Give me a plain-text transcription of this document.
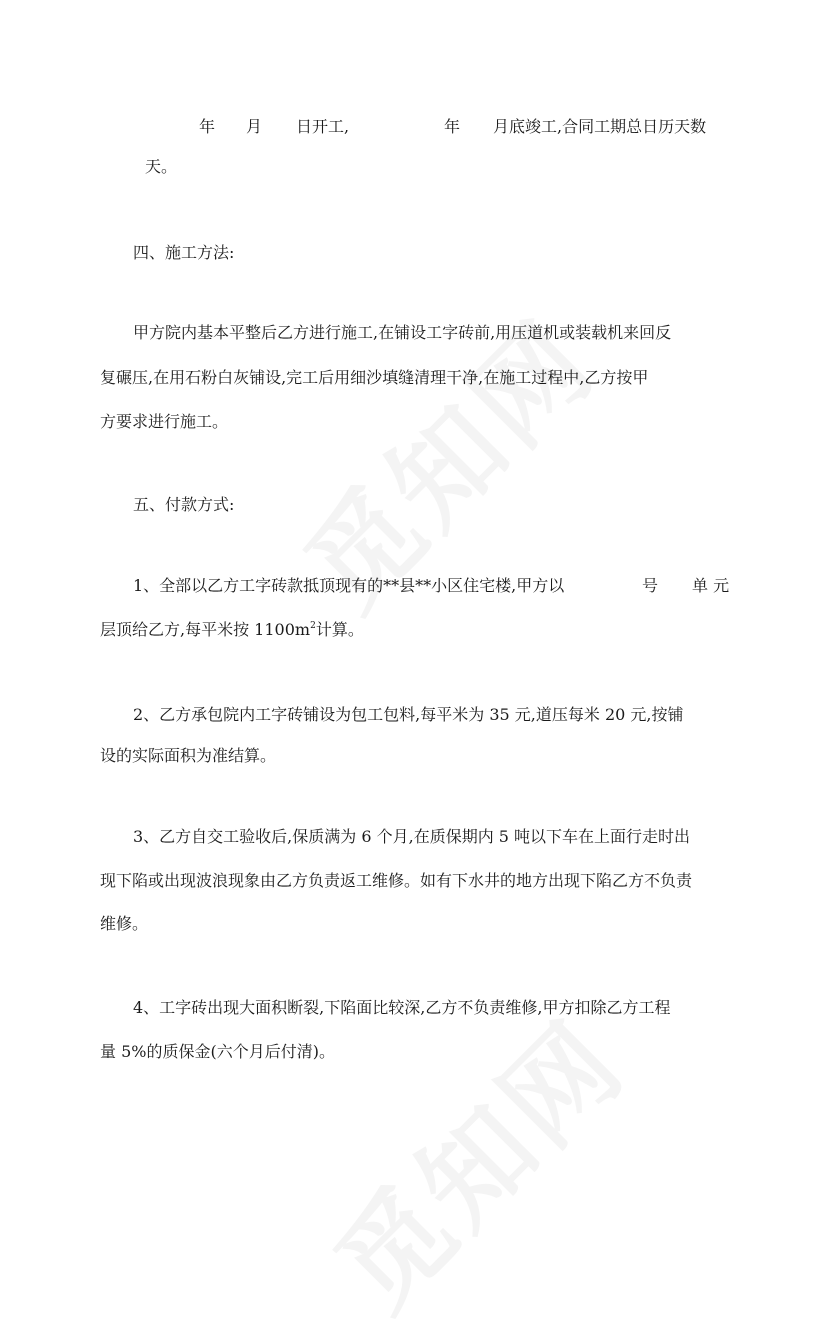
年 月 日开工,	年 月底竣工,合同工期总日历天数
天。
四、施工方法:
甲方院内基本平整后乙方进行施工,在铺设工字砖前,用压道机或装载机来回反
复碾压,在用石粉白灰铺设,完工后用细沙填缝清理干净,在施工过程中,乙方按甲
方要求进行施工。
五、付款方式:
1、全部以乙方工字砖款抵顶现有的**县**小区住宅楼,甲方以	号 单 元
层顶给乙方,每平米按 $1100m^2$计算。
2、乙方承包院内工字砖铺设为包工包料,每平米为 35 元,道压每米 20 元,按铺
设的实际面积为准结算。
3、乙方自交工验收后,保质满为 6 个月,在质保期内 5 吨以下车在上面行走时出
现下陷或出现波浪现象由乙方负责返工维修。如有下水井的地方出现下陷乙方不负责
维修。
4、工字砖出现大面积断裂,下陷面比较深,乙方不负责维修,甲方扣除乙方工程
量 5%的质保金(六个月后付清)。
